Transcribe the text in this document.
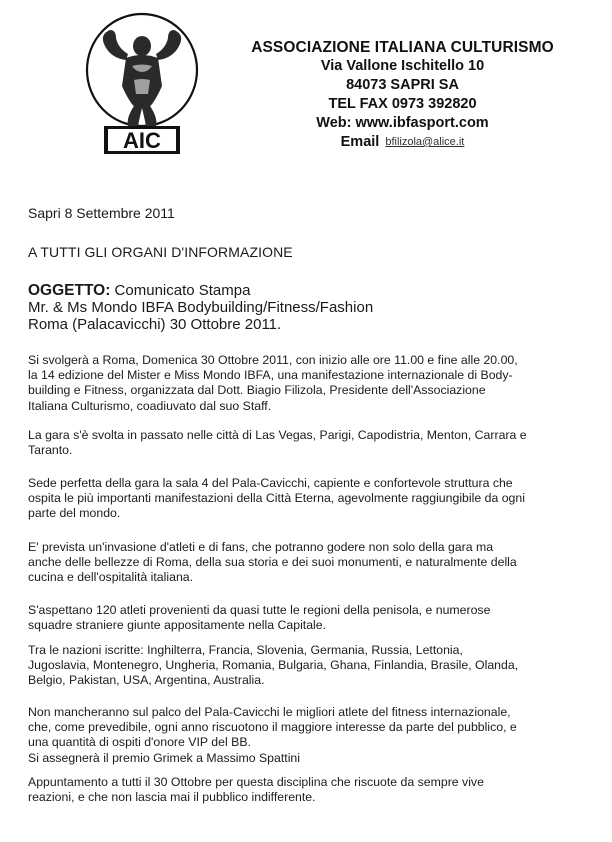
AIC
ASSOCIAZIONE ITALIANA CULTURISMO
Via Vallone Ischitello 10
84073 SAPRI SA
TEL FAX 0973 392820
Web: www.ibfasport.com
Email bfilizola@alice.it
Sapri 8 Settembre 2011
A TUTTI GLI ORGANI D'INFORMAZIONE
OGGETTO: Comunicato Stampa
Mr. & Ms Mondo IBFA Bodybuilding/Fitness/Fashion
Roma (Palacavicchi) 30 Ottobre 2011.
Si svolgerà a Roma, Domenica 30 Ottobre 2011, con inizio alle ore 11.00 e fine alle 20.00,
la 14 edizione del Mister e Miss Mondo IBFA, una manifestazione internazionale di Body-
building e Fitness, organizzata dal Dott. Biagio Filizola, Presidente dell'Associazione
Italiana Culturismo, coadiuvato dal suo Staff.
La gara s'è svolta in passato nelle città di Las Vegas, Parigi, Capodistria, Menton, Carrara e
Taranto.
Sede perfetta della gara la sala 4 del Pala-Cavicchi, capiente e confortevole struttura che
ospita le più importanti manifestazioni della Città Eterna, agevolmente raggiungibile da ogni
parte del mondo.
E' prevista un'invasione d'atleti e di fans, che potranno godere non solo della gara ma
anche delle bellezze di Roma, della sua storia e dei suoi monumenti, e naturalmente della
cucina e dell'ospitalità italiana.
S'aspettano 120 atleti provenienti da quasi tutte le regioni della penisola, e numerose
squadre straniere giunte appositamente nella Capitale.
Tra le nazioni iscritte: Inghilterra, Francia, Slovenia, Germania, Russia, Lettonia,
Jugoslavia, Montenegro, Ungheria, Romania, Bulgaria, Ghana, Finlandia, Brasile, Olanda,
Belgio, Pakistan, USA, Argentina, Australia.
Non mancheranno sul palco del Pala-Cavicchi le migliori atlete del fitness internazionale,
che, come prevedibile, ogni anno riscuotono il maggiore interesse da parte del pubblico, e
una quantità di ospiti d'onore VIP del BB.
Si assegnerà il premio Grimek a Massimo Spattini
Appuntamento a tutti il 30 Ottobre per questa disciplina che riscuote da sempre vive
reazioni, e che non lascia mai il pubblico indifferente.
